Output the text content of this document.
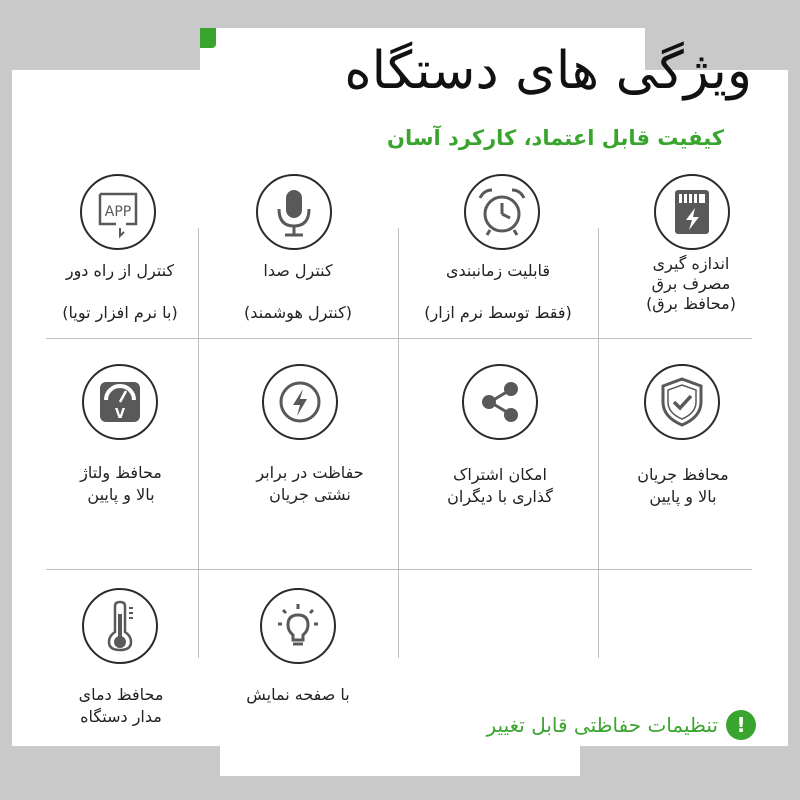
ویژگی های دستگاه
کیفیت قابل اعتماد، کارکرد آسان
اندازه گیری
مصرف برق
(محافظ برق)
قابلیت زمانبندی
(فقط توسط نرم ازار)
کنترل صدا
(کنترل هوشمند)
APP
کنترل از راه دور
(با نرم افزار تویا)
محافظ جریان
بالا و پایین
امکان اشتراک
گذاری با دیگران
حفاظت در برابر
نشتی جریان
V
محافظ ولتاژ
بالا و پایین
محافظ دمای
مدار دستگاه
با صفحه نمایش
!
تنظیمات حفاظتی قابل تغییر
